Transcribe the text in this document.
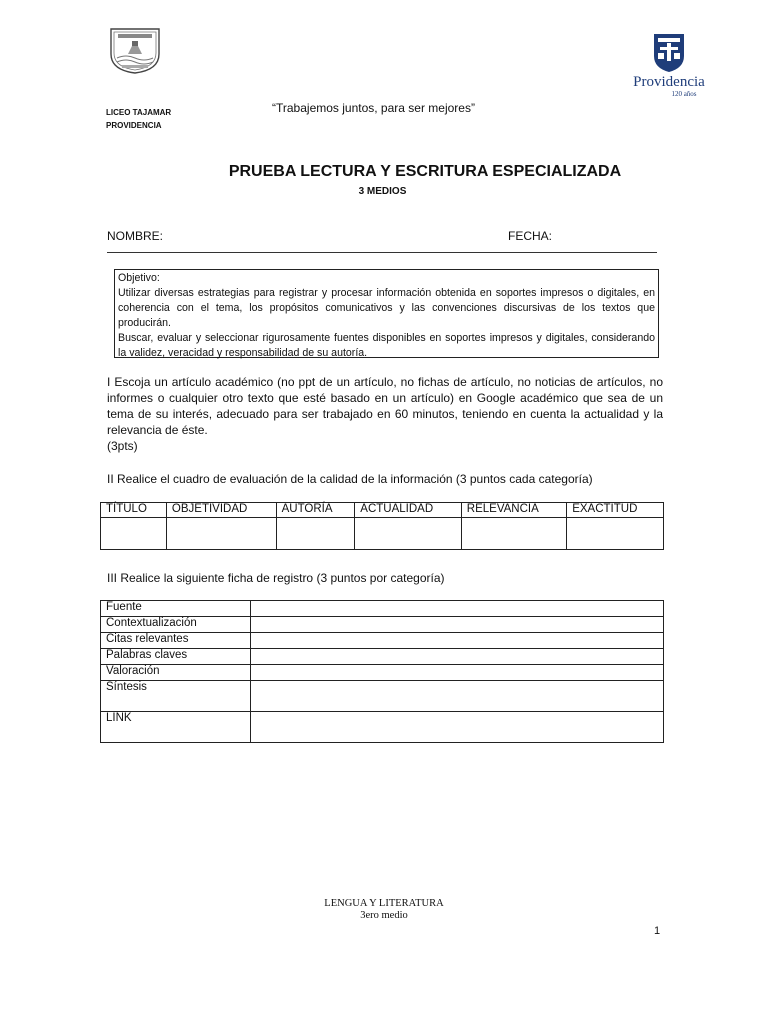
LICEO TAJAMAR
PROVIDENCIA
“Trabajemos juntos, para ser mejores”
Providencia
120 años
PRUEBA LECTURA Y ESCRITURA ESPECIALIZADA
3 MEDIOS
NOMBRE:	FECHA:

Objetivo:

Utilizar diversas estrategias para registrar y procesar información obtenida en soportes impresos o digitales, en coherencia con el tema, los propósitos comunicativos y las convenciones discursivas de los textos que producirán.

Buscar, evaluar y seleccionar rigurosamente fuentes disponibles en soportes impresos y digitales, considerando la validez, veracidad y responsabilidad de su autoría.

I Escoja un artículo académico (no ppt de un artículo, no fichas de artículo, no noticias de artículos, no informes o cualquier otro texto que esté basado en un artículo) en Google académico que sea de un tema de su interés, adecuado para ser trabajado en 60 minutos, teniendo en cuenta la actualidad y la relevancia de éste.
(3pts)
II Realice el cuadro de evaluación de la calidad de la información (3 puntos cada categoría)
TÍTULO	OBJETIVIDAD	AUTORÍA	ACTUALIDAD	RELEVANCIA	EXACTITUD

III Realice la siguiente ficha de registro (3 puntos por categoría)
Fuente	
Contextualización	
Citas relevantes	
Palabras claves	
Valoración	
Síntesis	
LINK	
LENGUA Y LITERATURA
3ero medio
1
